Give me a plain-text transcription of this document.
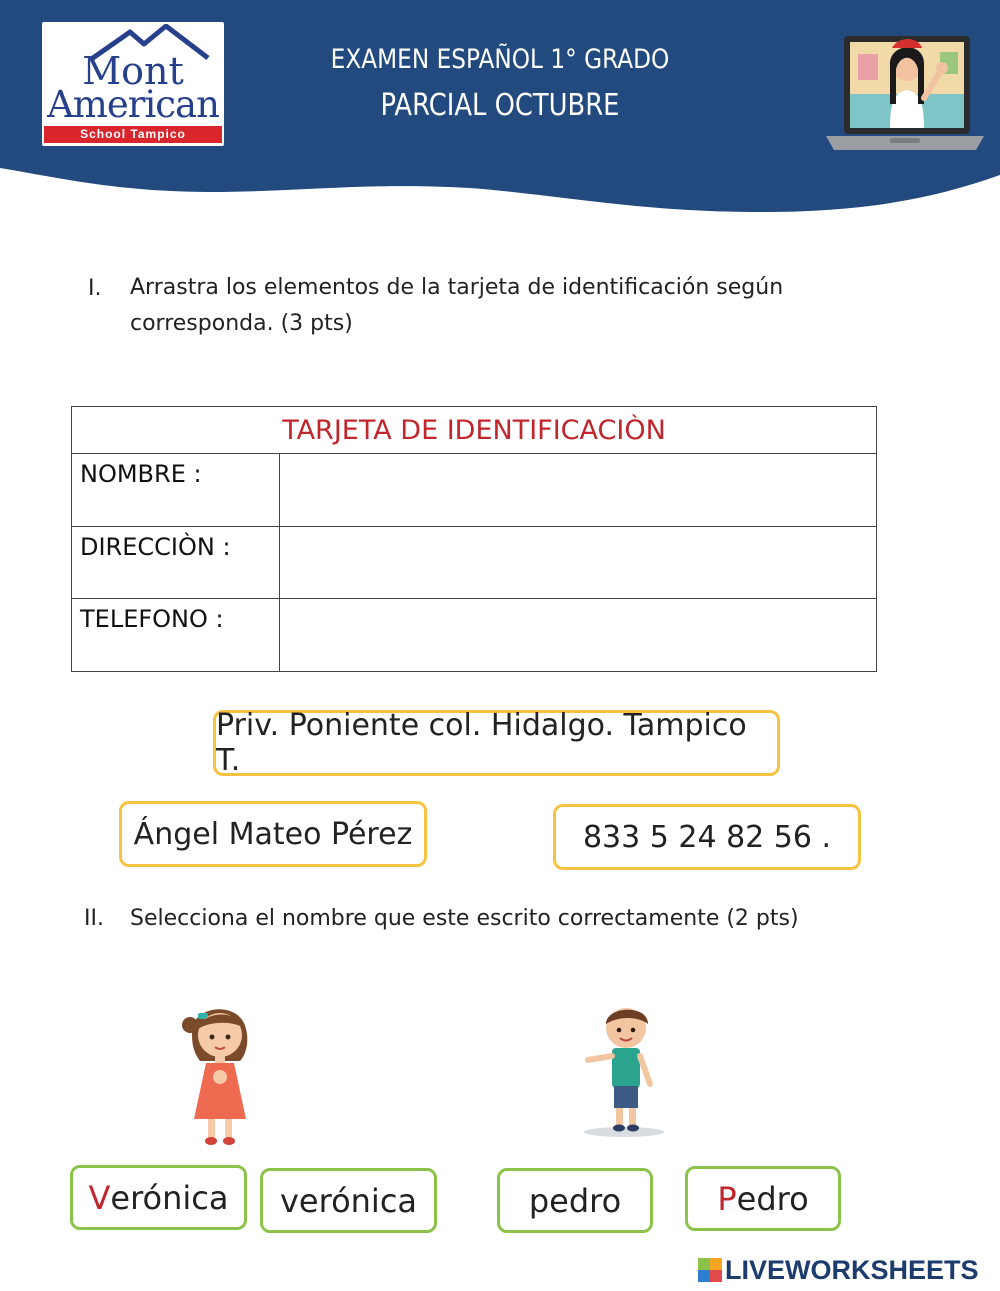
Mont
American
School Tampico
EXAMEN ESPAÑOL 1° GRADO
PARCIAL OCTUBRE
I. Arrastra los elementos de la tarjeta de identificación según
corresponda. (3 pts)
TARJETA DE IDENTIFICACIÒN	
NOMBRE :	
DIRECCIÒN :	
TELEFONO :	
Priv. Poniente col. Hidalgo. Tampico T.
Ángel Mateo Pérez	833 5 24 82 56 .
II. Selecciona el nombre que este escrito correctamente (2 pts)
V erónica verónica	pedro	P edro
LIVEWORKSHEETS
